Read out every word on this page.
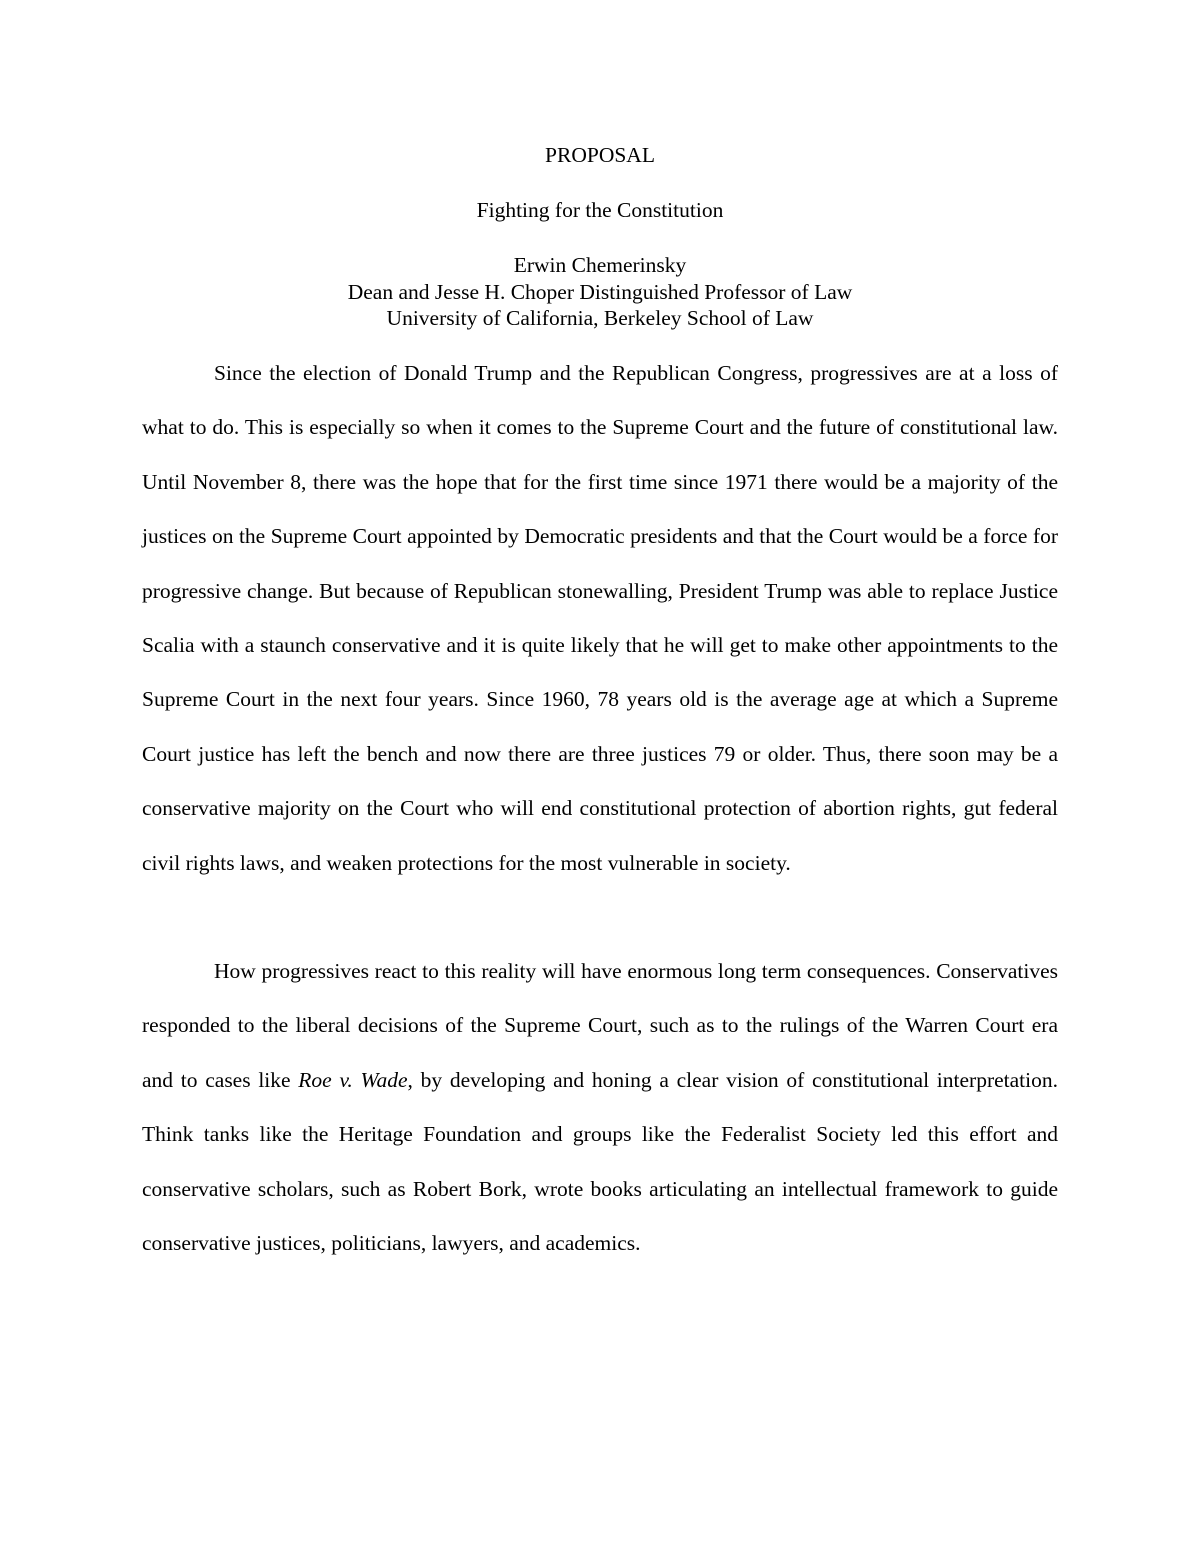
PROPOSAL
Fighting for the Constitution
Erwin Chemerinsky
Dean and Jesse H. Choper Distinguished Professor of Law
University of California, Berkeley School of Law

Since the election of Donald Trump and the Republican Congress, progressives are at a loss of what to do. This is especially so when it comes to the Supreme Court and the future of constitutional law. Until November 8, there was the hope that for the first time since 1971 there would be a majority of the justices on the Supreme Court appointed by Democratic presidents and that the Court would be a force for progressive change. But because of Republican stonewalling, President Trump was able to replace Justice Scalia with a staunch conservative and it is quite likely that he will get to make other appointments to the Supreme Court in the next four years. Since 1960, 78 years old is the average age at which a Supreme Court justice has left the bench and now there are three justices 79 or older. Thus, there soon may be a conservative majority on the Court who will end constitutional protection of abortion rights, gut federal civil rights laws, and weaken protections for the most vulnerable in society.

How progressives react to this reality will have enormous long term consequences. Conservatives responded to the liberal decisions of the Supreme Court, such as to the rulings of the Warren Court era and to cases like Roe v. Wade, by developing and honing a clear vision of constitutional interpretation. Think tanks like the Heritage Foundation and groups like the Federalist Society led this effort and conservative scholars, such as Robert Bork, wrote books articulating an intellectual framework to guide conservative justices, politicians, lawyers, and academics.
